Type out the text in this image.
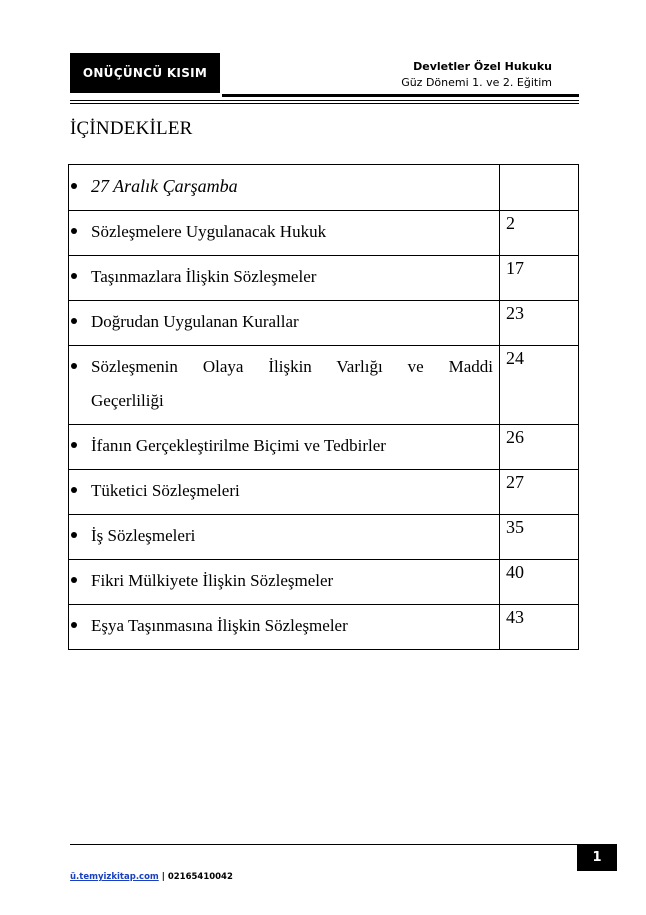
ONÜÇÜNCÜ KISIM	Devletler Özel Hukuku
Güz Dönemi 1. ve 2. Eğitim
İÇİNDEKİLER
27 Aralık Çarşamba	
Sözleşmelere Uygulanacak Hukuk	2
Taşınmazlara İlişkin Sözleşmeler	17
Doğrudan Uygulanan Kurallar	23

Sözleşmenin Olaya İlişkin Varlığı ve Maddi
Geçerliliği	24
İfanın Gerçekleştirilme Biçimi ve Tedbirler	26
Tüketici Sözleşmeleri	27
İş Sözleşmeleri	35
Fikri Mülkiyete İlişkin Sözleşmeler	40
Eşya Taşınmasına İlişkin Sözleşmeler	43
1
ü.temyizkitap.com | 02165410042
